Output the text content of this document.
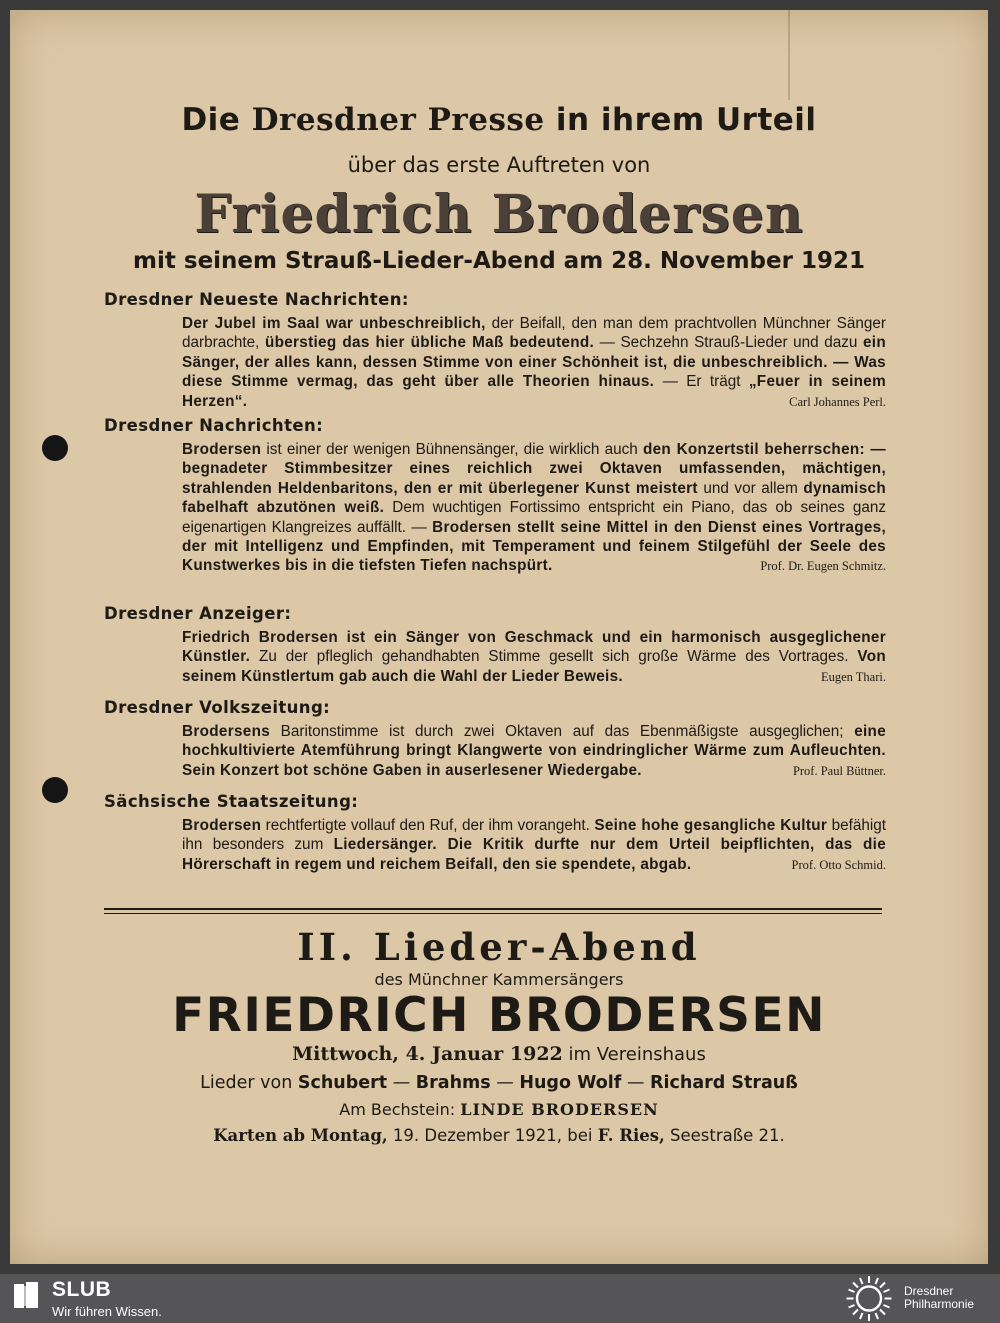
Die Dresdner Presse in ihrem Urteil
über das erste Auftreten von
Friedrich Brodersen
mit seinem Strauß-Lieder-Abend am 28. November 1921
Dresdner Neueste Nachrichten:
Der Jubel im Saal war unbeschreiblich, der Beifall, den man dem prachtvollen Münchner Sänger darbrachte, überstieg das hier übliche Maß bedeutend. — Sechzehn Strauß-Lieder und dazu ein Sänger, der alles kann, dessen Stimme von einer Schönheit ist, die unbeschreiblich. — Was diese Stimme vermag, das geht über alle Theorien hinaus. — Er trägt „Feuer in seinem Herzen“.	Carl Johannes Perl.
Dresdner Nachrichten:
Brodersen ist einer der wenigen Bühnensänger, die wirklich auch den Konzertstil beherrschen: — begnadeter Stimmbesitzer eines reichlich zwei Oktaven umfassenden, mächtigen, strahlenden Heldenbaritons, den er mit überlegener Kunst meistert und vor allem dynamisch fabelhaft abzutönen weiß. Dem wuchtigen Fortissimo entspricht ein Piano, das ob seines ganz eigenartigen Klangreizes auffällt. — Brodersen stellt seine Mittel in den Dienst eines Vortrages, der mit Intelligenz und Empfinden, mit Temperament und feinem Stilgefühl der Seele des Kunstwerkes bis in die tiefsten Tiefen nachspürt.	Prof. Dr. Eugen Schmitz.
Dresdner Anzeiger:
Friedrich Brodersen ist ein Sänger von Geschmack und ein harmonisch ausgeglichener Künstler. Zu der pfleglich gehandhabten Stimme gesellt sich große Wärme des Vortrages. Von seinem Künstlertum gab auch die Wahl der Lieder Beweis.	Eugen Thari.
Dresdner Volkszeitung:
Brodersens Baritonstimme ist durch zwei Oktaven auf das Ebenmäßigste ausgeglichen; eine hochkultivierte Atemführung bringt Klangwerte von eindringlicher Wärme zum Aufleuchten. Sein Konzert bot schöne Gaben in auserlesener Wiedergabe.	Prof. Paul Büttner.
Sächsische Staatszeitung:
Brodersen rechtfertigte vollauf den Ruf, der ihm vorangeht. Seine hohe gesangliche Kultur befähigt ihn besonders zum Liedersänger. Die Kritik durfte nur dem Urteil beipflichten, das die Hörerschaft in regem und reichem Beifall, den sie spendete, abgab.	Prof. Otto Schmid.
II. Lieder-Abend
des Münchner Kammersängers
FRIEDRICH BRODERSEN
Mittwoch, 4. Januar 1922 im Vereinshaus
Lieder von Schubert — Brahms — Hugo Wolf — Richard Strauß
Am Bechstein: LINDE BRODERSEN
Karten ab Montag, 19. Dezember 1921, bei F. Ries, Seestraße 21.
SLUB
Wir führen Wissen.
Dresdner
Philharmonie
